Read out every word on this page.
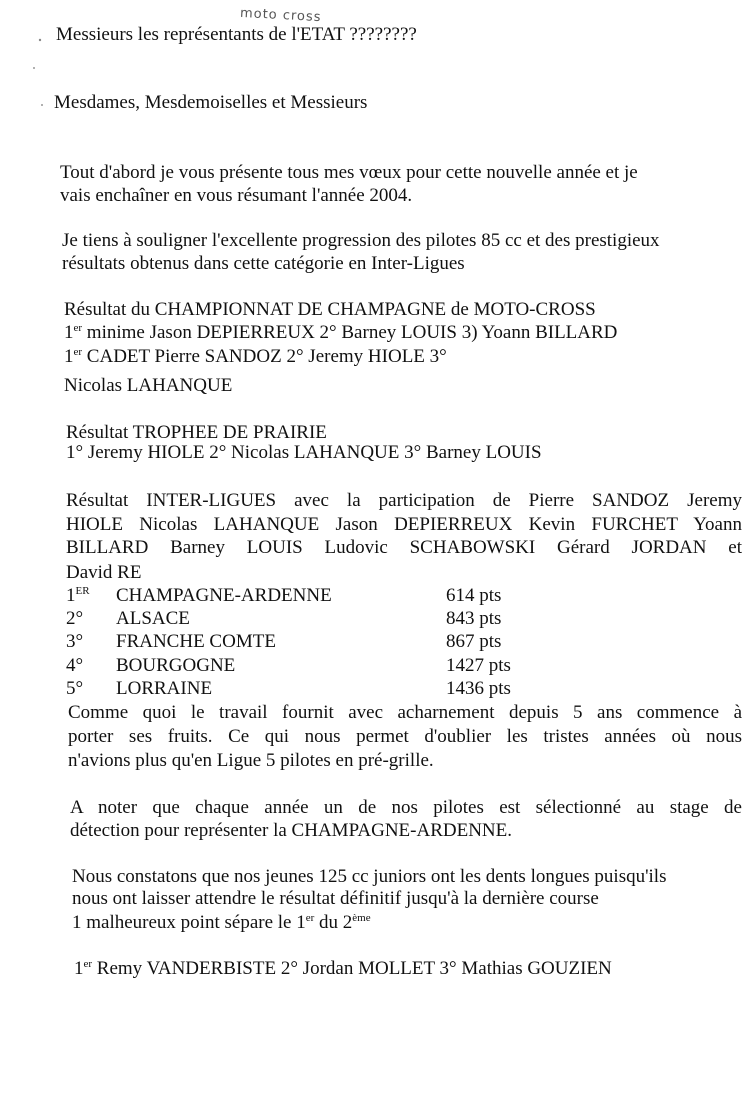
moto cross
Messieurs les représentants de l'ETAT ????????
Mesdames, Mesdemoiselles et Messieurs
Tout d'abord je vous présente tous mes vœux pour cette nouvelle année et je
vais enchaîner en vous résumant l'année 2004.
Je tiens à souligner l'excellente progression des pilotes 85 cc et des prestigieux
résultats obtenus dans cette catégorie en Inter-Ligues
Résultat du CHAMPIONNAT DE CHAMPAGNE de MOTO-CROSS
1er minime Jason DEPIERREUX 2° Barney LOUIS 3) Yoann BILLARD
1er CADET Pierre SANDOZ 2° Jeremy HIOLE 3°
Nicolas LAHANQUE
Résultat TROPHEE DE PRAIRIE
1° Jeremy HIOLE 2° Nicolas LAHANQUE 3° Barney LOUIS
Résultat INTER-LIGUES avec la participation de Pierre SANDOZ Jeremy
HIOLE Nicolas LAHANQUE Jason DEPIERREUX Kevin FURCHET Yoann
BILLARD Barney LOUIS Ludovic SCHABOWSKI Gérard JORDAN et
David RE
1ER CHAMPAGNE-ARDENNE	614 pts
2° ALSACE	843 pts
3° FRANCHE COMTE	867 pts
4° BOURGOGNE	1427 pts
5° LORRAINE	1436 pts
Comme quoi le travail fournit avec acharnement depuis 5 ans commence à
porter ses fruits. Ce qui nous permet d'oublier les tristes années où nous
n'avions plus qu'en Ligue 5 pilotes en pré-grille.
A noter que chaque année un de nos pilotes est sélectionné au stage de
détection pour représenter la CHAMPAGNE-ARDENNE.
Nous constatons que nos jeunes 125 cc juniors ont les dents longues puisqu'ils
nous ont laisser attendre le résultat définitif jusqu'à la dernière course
1 malheureux point sépare le 1er du 2ème
1er Remy VANDERBISTE 2° Jordan MOLLET 3° Mathias GOUZIEN
